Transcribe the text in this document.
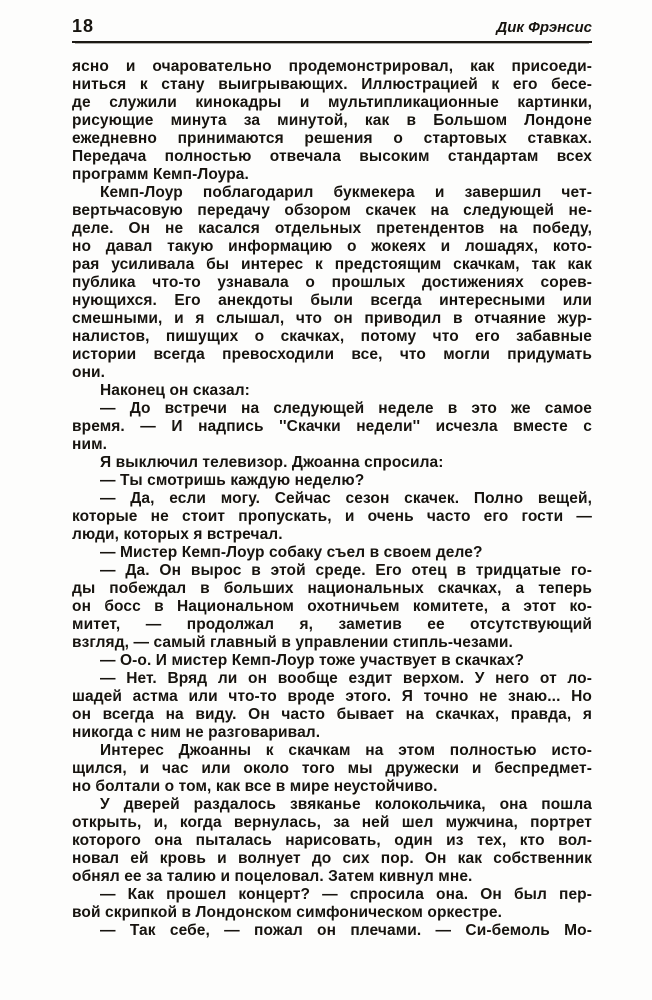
18	Дик Фрэнсис
ясно и очаровательно продемонстрировал, как присоеди-
ниться к стану выигрывающих. Иллюстрацией к его бесе-
де служили кинокадры и мультипликационные картинки,
рисующие минута за минутой, как в Большом Лондоне
ежедневно принимаются решения о стартовых ставках.
Передача полностью отвечала высоким стандартам всех
программ Кемп-Лоура.
Кемп-Лоур поблагодарил букмекера и завершил чет-
вертьчасовую передачу обзором скачек на следующей не-
деле. Он не касался отдельных претендентов на победу,
но давал такую информацию о жокеях и лошадях, кото-
рая усиливала бы интерес к предстоящим скачкам, так как
публика что-то узнавала о прошлых достижениях сорев-
нующихся. Его анекдоты были всегда интересными или
смешными, и я слышал, что он приводил в отчаяние жур-
налистов, пишущих о скачках, потому что его забавные
истории всегда превосходили все, что могли придумать
они.
Наконец он сказал:
— До встречи на следующей неделе в это же самое
время. — И надпись ''Скачки недели'' исчезла вместе с
ним.
Я выключил телевизор. Джоанна спросила:
— Ты смотришь каждую неделю?
— Да, если могу. Сейчас сезон скачек. Полно вещей,
которые не стоит пропускать, и очень часто его гости —
люди, которых я встречал.
— Мистер Кемп-Лоур собаку съел в своем деле?
— Да. Он вырос в этой среде. Его отец в тридцатые го-
ды побеждал в больших национальных скачках, а теперь
он босс в Национальном охотничьем комитете, а этот ко-
митет, — продолжал я, заметив ее отсутствующий
взгляд, — самый главный в управлении стипль-чезами.
— О-о. И мистер Кемп-Лоур тоже участвует в скачках?
— Нет. Вряд ли он вообще ездит верхом. У него от ло-
шадей астма или что-то вроде этого. Я точно не знаю... Но
он всегда на виду. Он часто бывает на скачках, правда, я
никогда с ним не разговаривал.
Интерес Джоанны к скачкам на этом полностью исто-
щился, и час или около того мы дружески и беспредмет-
но болтали о том, как все в мире неустойчиво.
У дверей раздалось звяканье колокольчика, она пошла
открыть, и, когда вернулась, за ней шел мужчина, портрет
которого она пыталась нарисовать, один из тех, кто вол-
новал ей кровь и волнует до сих пор. Он как собственник
обнял ее за талию и поцеловал. Затем кивнул мне.
— Как прошел концерт? — спросила она. Он был пер-
вой скрипкой в Лондонском симфоническом оркестре.
— Так себе, — пожал он плечами. — Си-бемоль Мо-
